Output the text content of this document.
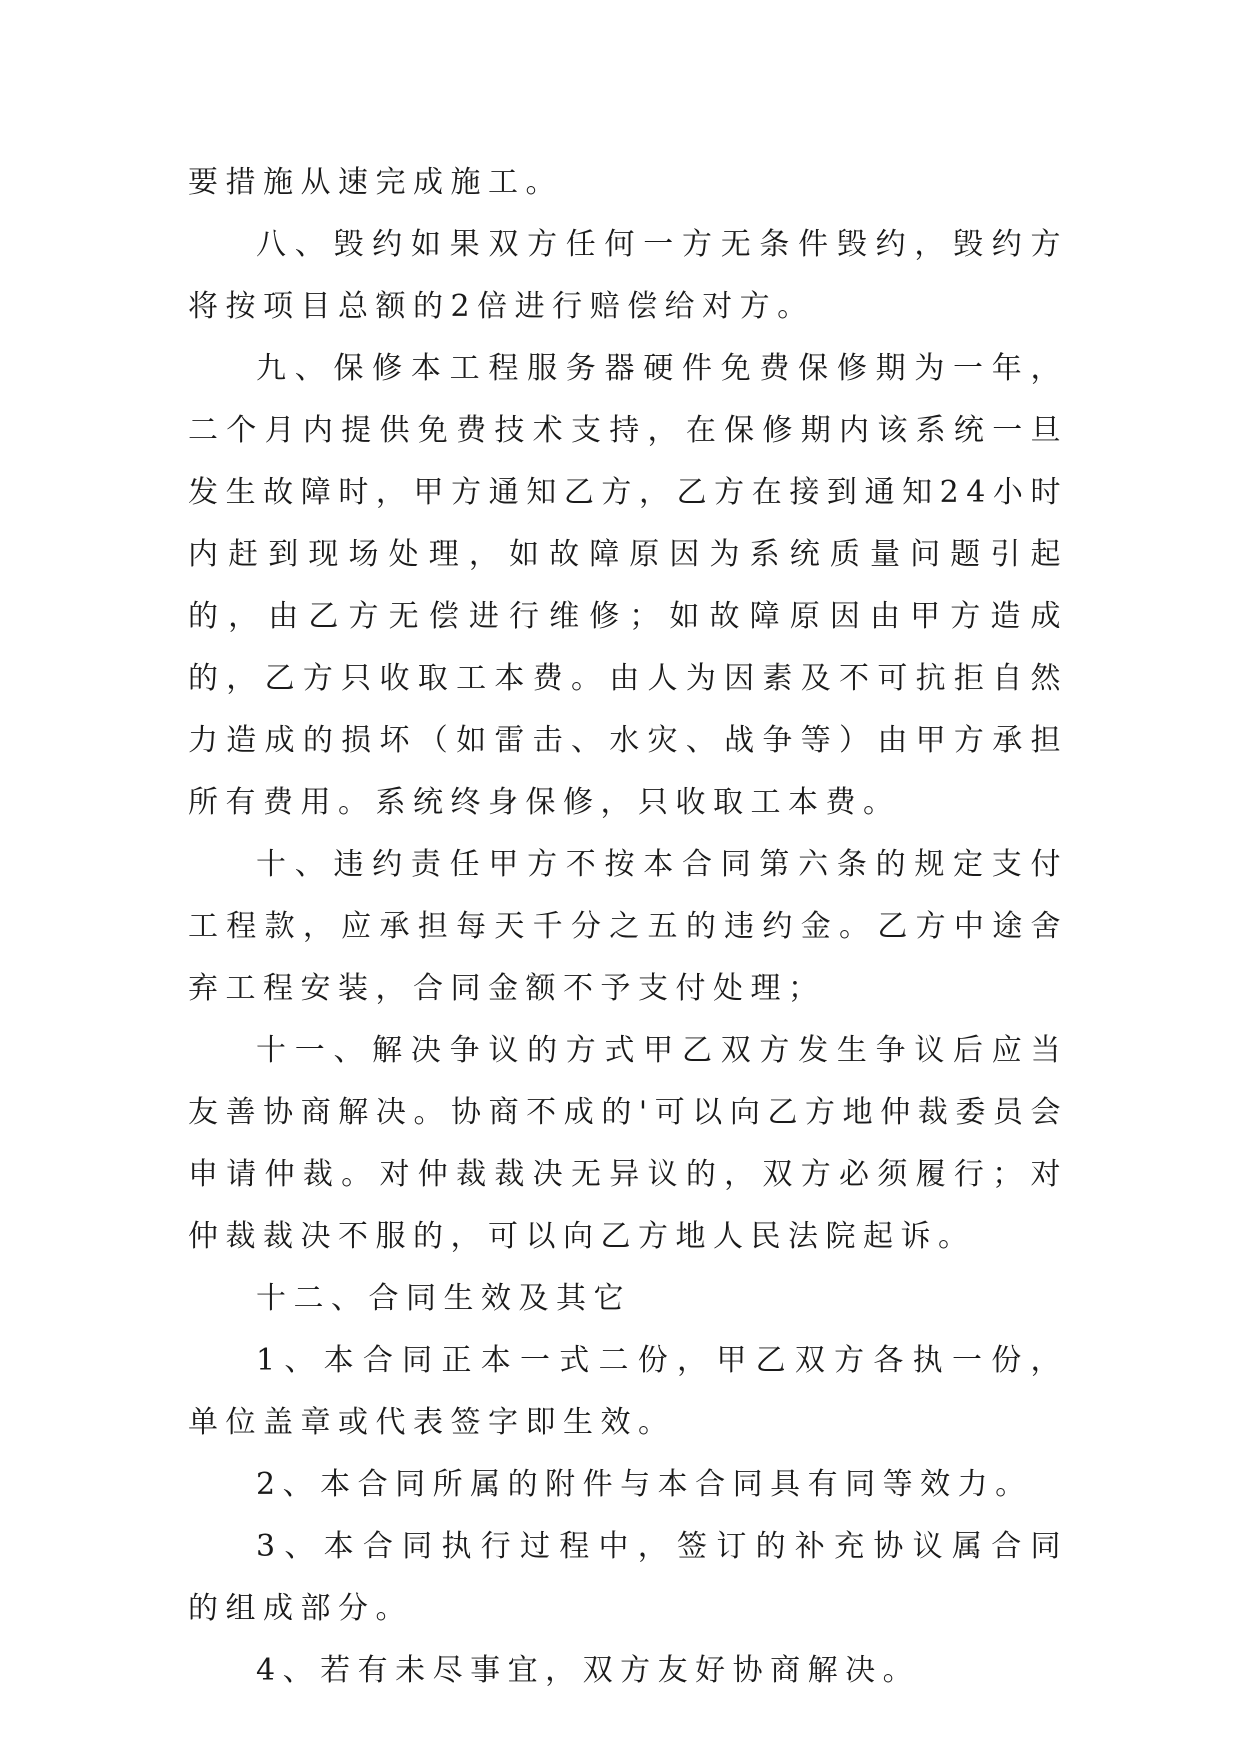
要措施从速完成施工。

八、毁约如果双方任何一方无条件毁约，毁约方将按项目总额的2倍进行赔偿给对方。

九、保修本工程服务器硬件免费保修期为一年，二个月内提供免费技术支持，在保修期内该系统一旦发生故障时，甲方通知乙方，乙方在接到通知24小时内赶到现场处理，如故障原因为系统质量问题引起的，由乙方无偿进行维修；如故障原因由甲方造成的，乙方只收取工本费。由人为因素及不可抗拒自然力造成的损坏（如雷击、水灾、战争等）由甲方承担所有费用。系统终身保修，只收取工本费。

十、违约责任甲方不按本合同第六条的规定支付工程款，应承担每天千分之五的违约金。乙方中途舍弃工程安装，合同金额不予支付处理；

十一、解决争议的方式甲乙双方发生争议后应当友善协商解决。协商不成的'可以向乙方地仲裁委员会申请仲裁。对仲裁裁决无异议的，双方必须履行；对仲裁裁决不服的，可以向乙方地人民法院起诉。

十二、合同生效及其它

1、本合同正本一式二份，甲乙双方各执一份，单位盖章或代表签字即生效。

2、本合同所属的附件与本合同具有同等效力。

3、本合同执行过程中，签订的补充协议属合同的组成部分。

4、若有未尽事宜，双方友好协商解决。
